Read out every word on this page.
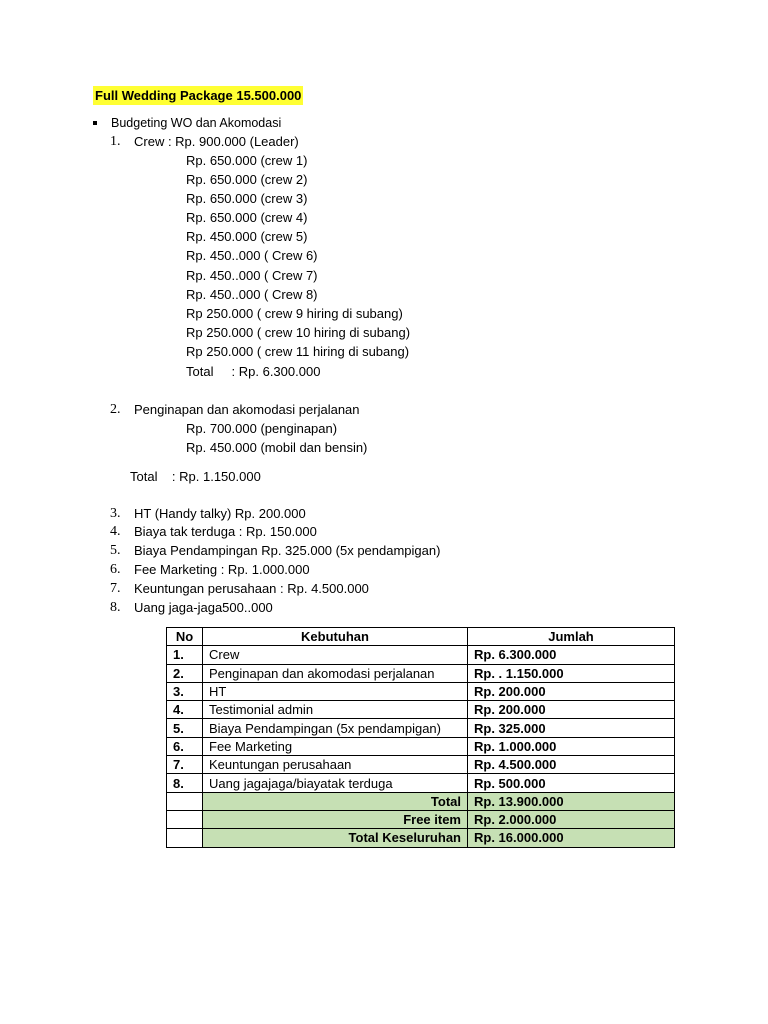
Full Wedding Package 15.500.000
Budgeting WO dan Akomodasi
1. Crew : Rp. 900.000 (Leader)
Rp. 650.000 (crew 1)
Rp. 650.000 (crew 2)
Rp. 650.000 (crew 3)
Rp. 650.000 (crew 4)
Rp. 450.000 (crew 5)
Rp. 450..000 ( Crew 6)
Rp. 450..000 ( Crew 7)
Rp. 450..000 ( Crew 8)
Rp 250.000 ( crew 9 hiring di subang)
Rp 250.000 ( crew 10 hiring di subang)
Rp 250.000 ( crew 11 hiring di subang)
Total     : Rp. 6.300.000
2. Penginapan dan akomodasi perjalanan
Rp. 700.000 (penginapan)
Rp. 450.000 (mobil dan bensin)
Total    : Rp. 1.150.000
3. HT (Handy talky) Rp. 200.000
4. Biaya tak terduga : Rp. 150.000
5. Biaya Pendampingan Rp. 325.000 (5x pendampigan)
6. Fee Marketing : Rp. 1.000.000
7. Keuntungan perusahaan : Rp. 4.500.000
8. Uang jaga-jaga500..000
No	Kebutuhan	Jumlah
1.	Crew	Rp. 6.300.000
2.	Penginapan dan akomodasi perjalanan	Rp. . 1.150.000
3.	HT	Rp. 200.000
4.	Testimonial admin	Rp. 200.000
5.	Biaya Pendampingan (5x pendampigan)	Rp. 325.000
6.	Fee Marketing	Rp. 1.000.000
7.	Keuntungan perusahaan	Rp. 4.500.000
8.	Uang jagajaga/biayatak terduga	Rp. 500.000
	Total	Rp. 13.900.000
	Free item	Rp. 2.000.000
	Total Keseluruhan	Rp. 16.000.000
